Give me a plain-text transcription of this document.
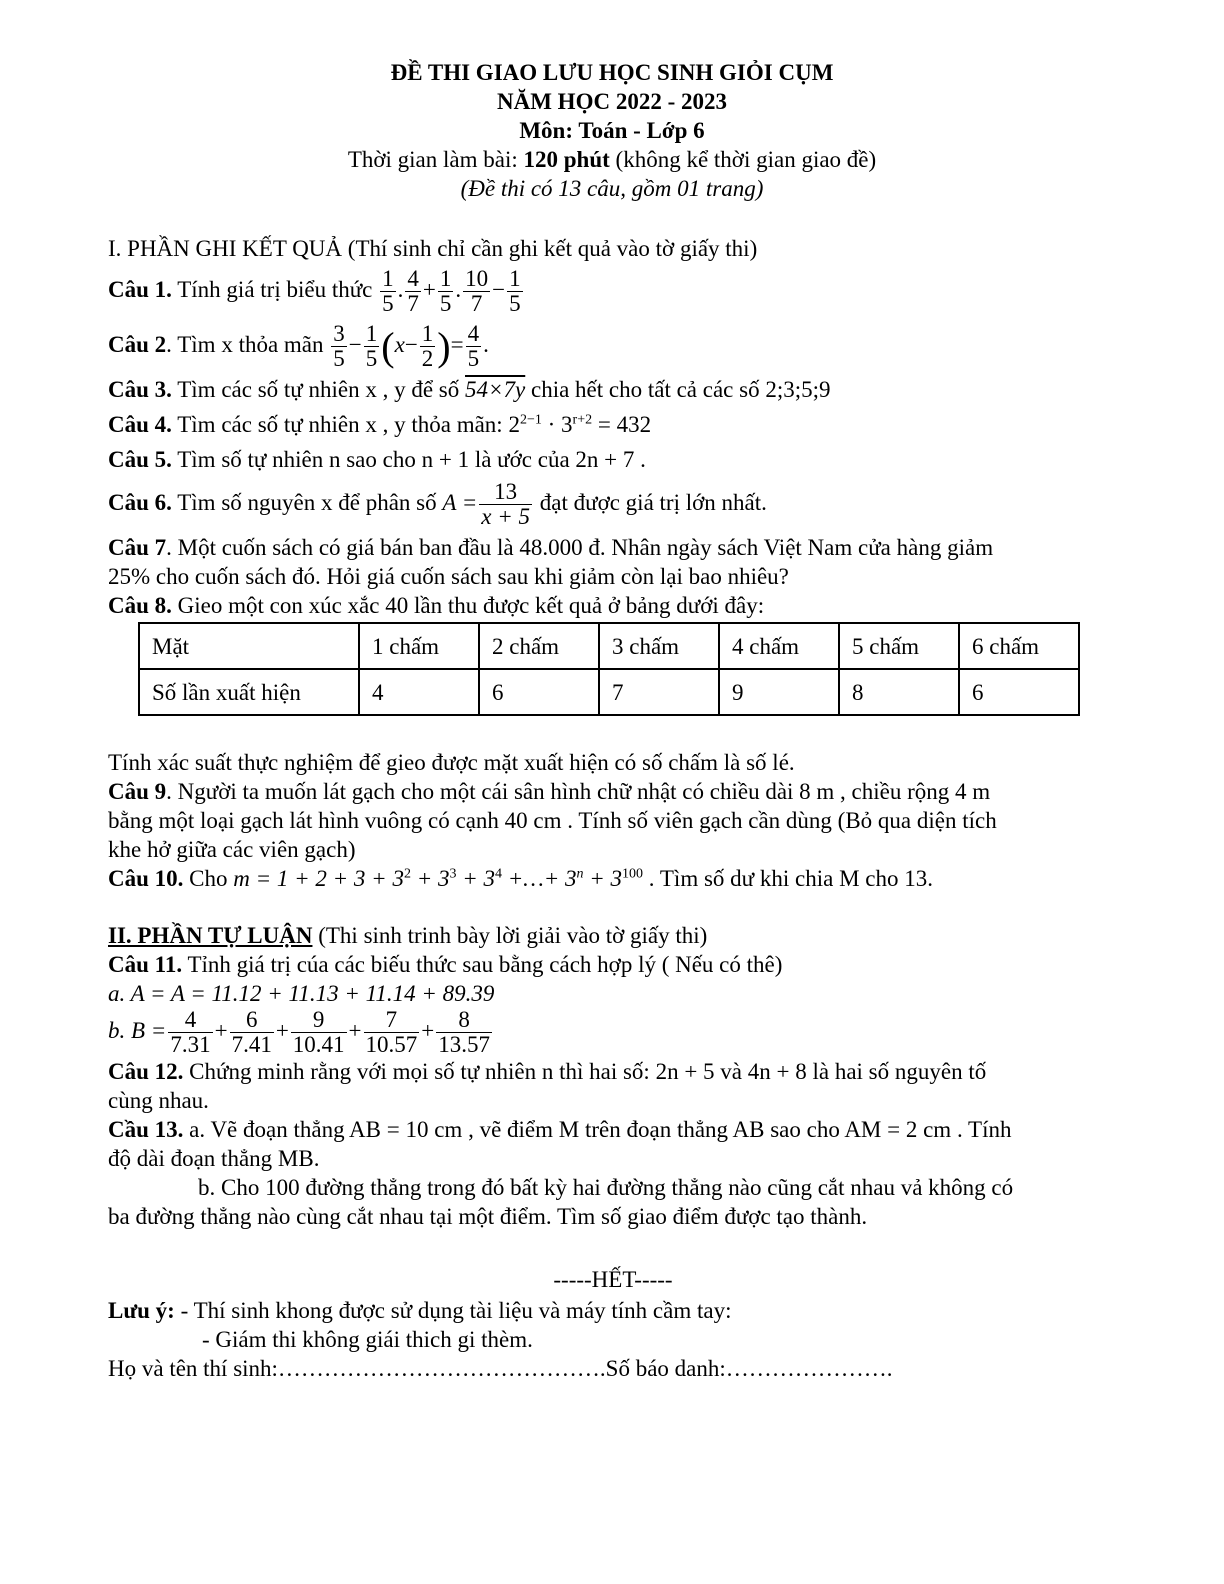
ĐỀ THI GIAO LƯU HỌC SINH GIỎI CỤM
NĂM HỌC 2022 - 2023
Môn: Toán - Lớp 6
Thời gian làm bài: 120 phút (không kể thời gian giao đề)
(Đề thi có 13 câu, gồm 01 trang)
I. PHẦN GHI KẾT QUẢ (Thí sinh chỉ cần ghi kết quả vào tờ giấy thi)
Câu 1. Tính giá trị biểu thức $\frac{1}{5}$ . $\frac{4}{7} + \frac{1}{5}$ . $\frac{10}{7} - \frac{1}{5}$
Câu 2. Tìm x thỏa mãn $\frac{3}{5} - \frac{1}{5} (x- \frac{1}{2}$ )= $\frac{4}{5}$ .
Câu 3. Tìm các số tự nhiên x , y để số 54×7y chia hết cho tất cả các số 2;3;5;9
Câu 4. Tìm các số tự nhiên x , y thỏa mãn: $2^{2-1} \cdot 3^{r+2} = 432$
Câu 5. Tìm số tự nhiên n sao cho n + 1 là ước của 2n + 7 .
Câu 6. Tìm số nguyên x để phân số $A = \frac{13}{x + 5}$ đạt được giá trị lớn nhất.
Câu 7. Một cuốn sách có giá bán ban đầu là 48.000 đ. Nhân ngày sách Việt Nam cửa hàng giảm
25% cho cuốn sách đó. Hỏi giá cuốn sách sau khi giảm còn lại bao nhiêu?
Câu 8. Gieo một con xúc xắc 40 lần thu được kết quả ở bảng dưới đây:
Mặt	1 chấm	2 chấm	3 chấm	4 chấm	5 chấm	6 chấm
Số lần xuất hiện	4	6	7	9	8	6
Tính xác suất thực nghiệm để gieo được mặt xuất hiện có số chấm là số lé.
Câu 9. Người ta muốn lát gạch cho một cái sân hình chữ nhật có chiều dài 8 m , chiều rộng 4 m
bằng một loại gạch lát hình vuông có cạnh 40 cm . Tính số viên gạch cần dùng (Bỏ qua diện tích
khe hở giữa các viên gạch)
Câu 10. Cho $m = 1 + 2 + 3 + 3^2 + 3^3 + 3^4$ +…+ $3^n + 3^{100}$ . Tìm số dư khi chia M cho 13.
II. PHẦN TỰ LUẬN (Thi sinh trinh bày lời giải vào tờ giấy thi)
Câu 11. Tỉnh giá trị cúa các biếu thức sau bằng cách hợp lý ( Nếu có thê)
a. A = A = 11.12 + 11.13 + 11.14 + 89.39
b. $B = \frac{4}{7.31} + \frac{6}{7.41} + \frac{9}{10.41} + \frac{7}{10.57} + \frac{8}{13.57}$
Câu 12. Chứng minh rằng với mọi số tự nhiên n thì hai số: 2n + 5 và 4n + 8 là hai số nguyên tố
cùng nhau.
Cầu 13. a. Vẽ đoạn thẳng AB = 10 cm , vẽ điểm M trên đoạn thẳng AB sao cho AM = 2 cm . Tính
độ dài đoạn thẳng MB.
b. Cho 100 đường thẳng trong đó bất kỳ hai đường thẳng nào cũng cắt nhau vả không có
ba đường thẳng nào cùng cắt nhau tại một điểm. Tìm số giao điểm được tạo thành.
-----HẾT-----
Lưu ý: - Thí sinh khong được sử dụng tài liệu và máy tính cầm tay:
- Giám thi không giái thich gi thèm.
Họ và tên thí sinh:…………………………………….Số báo danh:………………….
